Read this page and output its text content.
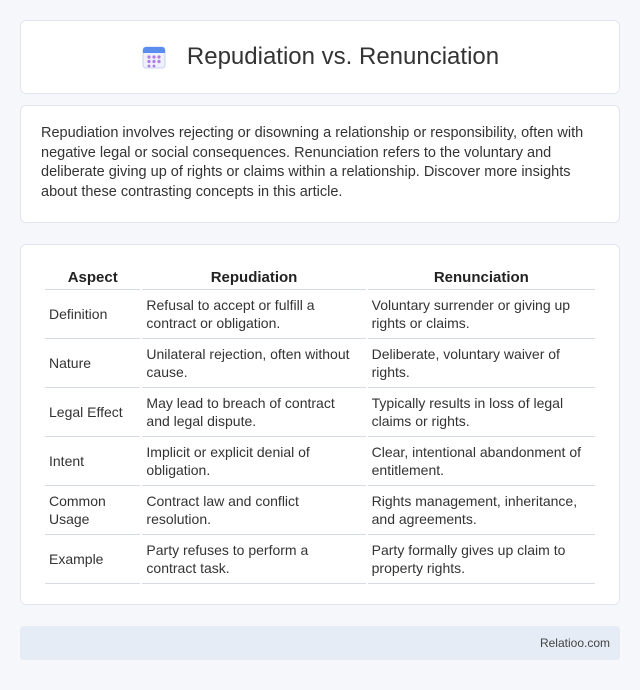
Repudiation vs. Renunciation

Repudiation involves rejecting or disowning a relationship or responsibility, often with negative legal or social consequences. Renunciation refers to the voluntary and deliberate giving up of rights or claims within a relationship. Discover more insights about these contrasting concepts in this article.

Aspect	Repudiation	Renunciation
Definition	Refusal to accept or fulfill a contract or obligation.	Voluntary surrender or giving up rights or claims.
Nature	Unilateral rejection, often without cause.	Deliberate, voluntary waiver of rights.
Legal Effect	May lead to breach of contract and legal dispute.	Typically results in loss of legal claims or rights.
Intent	Implicit or explicit denial of obligation.	Clear, intentional abandonment of entitlement.
Common Usage	Contract law and conflict resolution.	Rights management, inheritance, and agreements.
Example	Party refuses to perform a contract task.	Party formally gives up claim to property rights.
Relatioo.com
